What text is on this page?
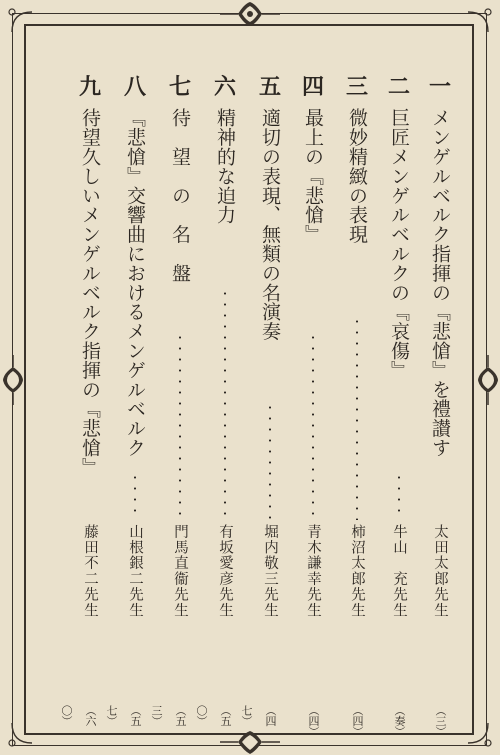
一
メンゲルベルク指揮の『悲愴』を禮讃す
太田太郎先生
（三）
二
巨匠メンゲルベルクの『哀傷』
牛山　充先生
（奏）
三
微妙精緻の表現
柿沼太郎先生
（四）
四
最上の『悲愴』
青木謙幸先生
（四）
五
適切の表現、無類の名演奏
堀内敬三先生
（四七）
六
精神的な迫力
有坂愛彦先生
（五〇）
七
待　望　の　名　盤
門馬直衞先生
（五三）
八
『悲愴』交響曲におけるメンゲルベルク
山根銀二先生
（五七）
九
待望久しいメンゲルベルク指揮の『悲愴』
藤田不二先生
（六〇）
